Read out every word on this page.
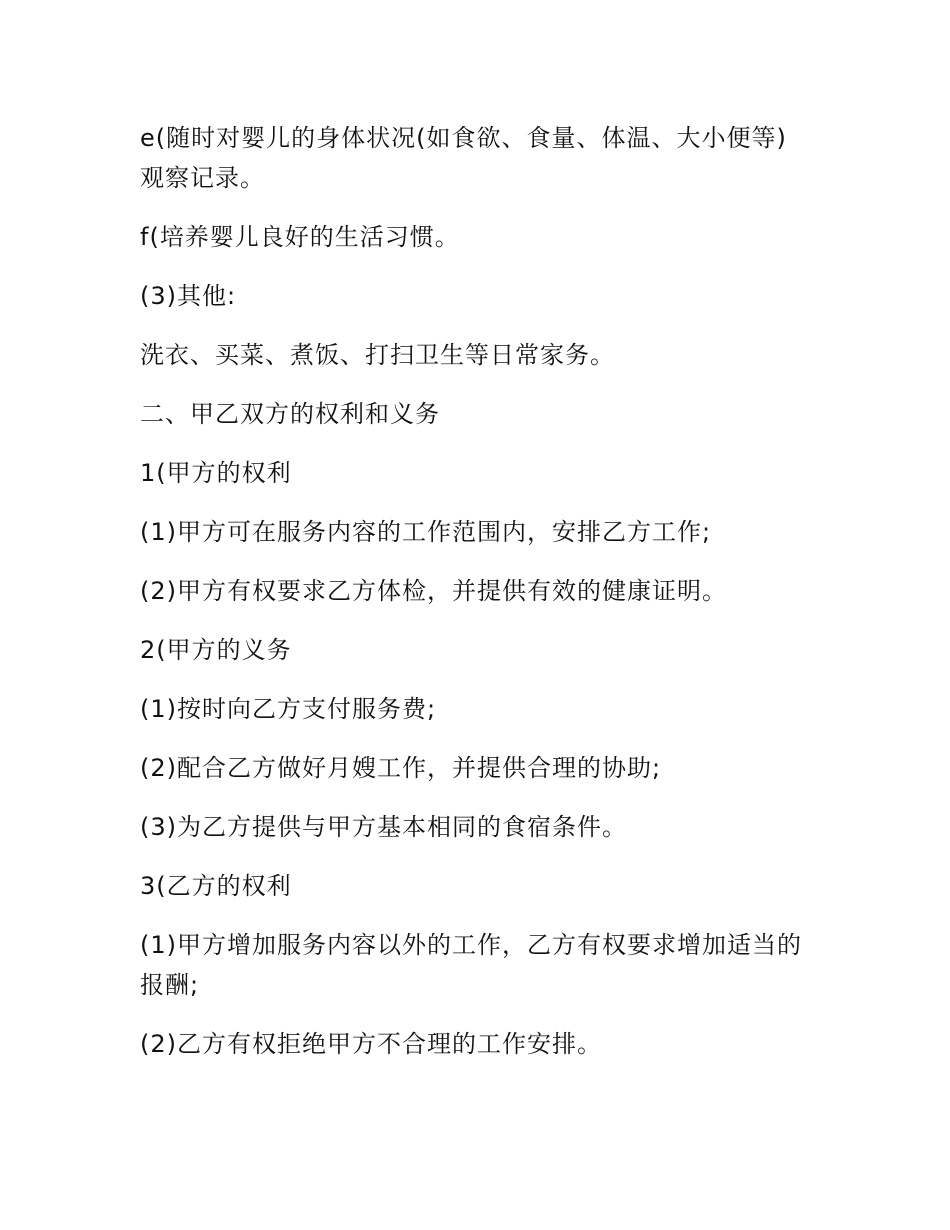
e(随时对婴儿的身体状况(如食欲、食量、体温、大小便等)观察记录。

f(培养婴儿良好的生活习惯。

(3)其他:

洗衣、买菜、煮饭、打扫卫生等日常家务。

二、甲乙双方的权利和义务

1(甲方的权利

(1)甲方可在服务内容的工作范围内，安排乙方工作;

(2)甲方有权要求乙方体检，并提供有效的健康证明。

2(甲方的义务

(1)按时向乙方支付服务费;

(2)配合乙方做好月嫂工作，并提供合理的协助;

(3)为乙方提供与甲方基本相同的食宿条件。

3(乙方的权利

(1)甲方增加服务内容以外的工作，乙方有权要求增加适当的报酬;

(2)乙方有权拒绝甲方不合理的工作安排。
